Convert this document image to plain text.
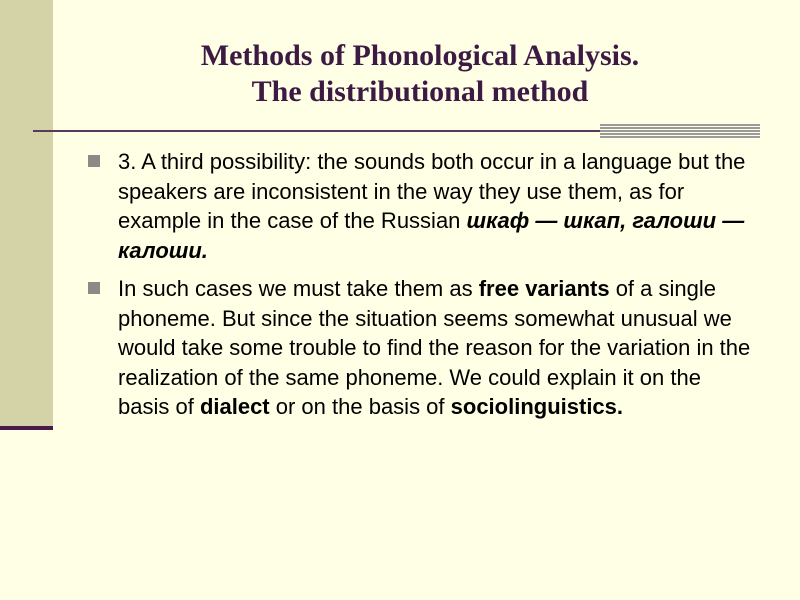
Methods of Phonological Analysis.
The distributional method
3. A third possibility: the sounds both occur in a language but the speakers are inconsistent in the way they use them, as for example in the case of the Russian шкаф — шкап, галоши — калоши.
In such cases we must take them as free variants of a single phoneme. But since the situation seems somewhat unusual we would take some trouble to find the reason for the variation in the realization of the same phoneme. We could explain it on the basis of dialect or on the basis of sociolinguistics.
